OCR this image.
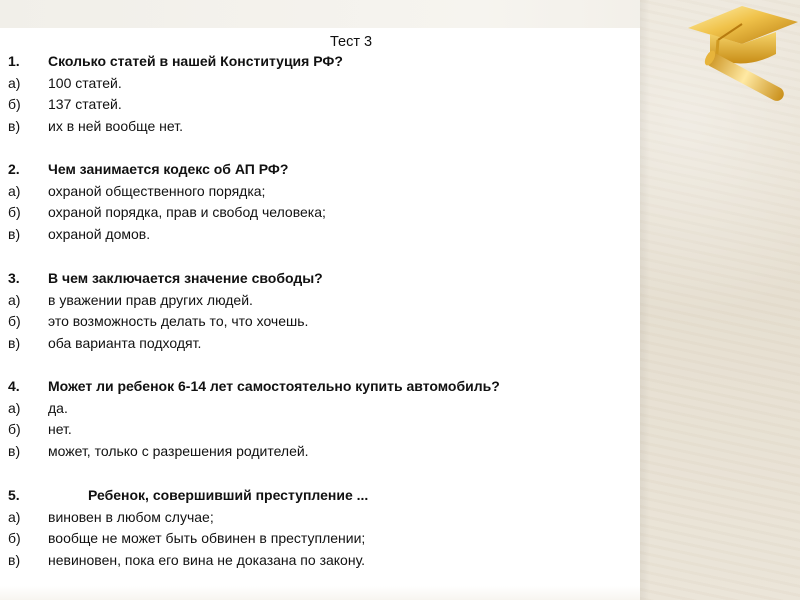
Тест 3
1. Сколько статей в нашей Конституция РФ?
а) 100 статей.
б) 137 статей.
в) их в ней вообще нет.
2. Чем занимается кодекс об АП РФ?
а) охраной общественного порядка;
б) охраной порядка, прав и свобод человека;
в) охраной домов.
3. В чем заключается значение свободы?
а) в уважении прав других людей.
б) это возможность делать то, что хочешь.
в) оба варианта подходят.
4. Может ли ребенок 6-14 лет самостоятельно купить автомобиль?
а) да.
б) нет.
в) может, только с разрешения родителей.
5.	Ребенок, совершивший преступление ...
а) виновен в любом случае;
б) вообще не может быть обвинен в преступлении;
в) невиновен, пока его вина не доказана по закону.
